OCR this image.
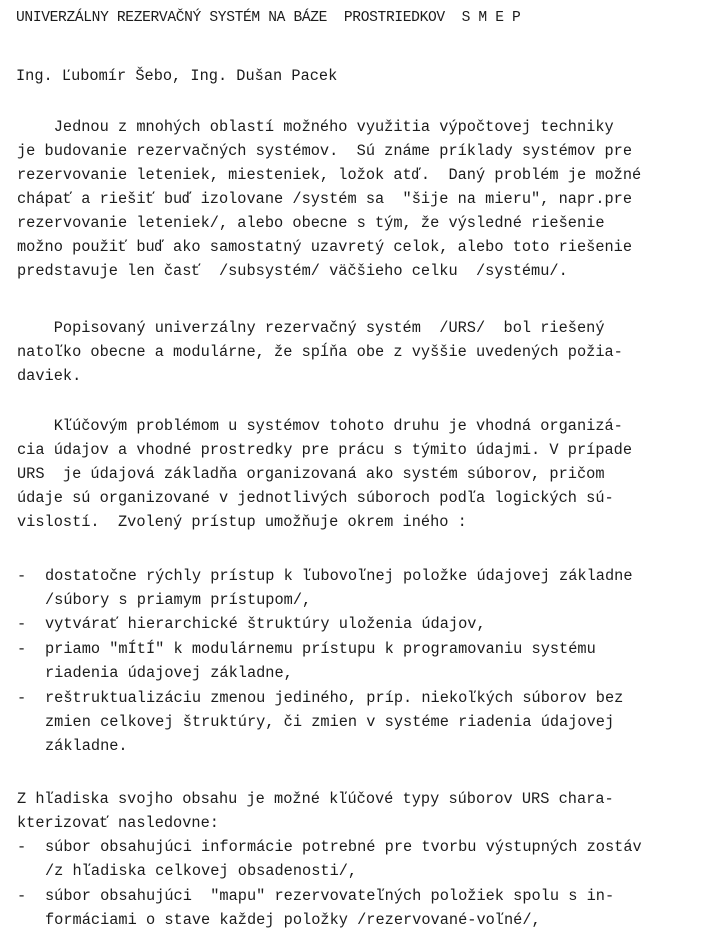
UNIVERZÁLNY REZERVAČNÝ SYSTÉM NA BÁZE  PROSTRIEDKOV  S M E P
Ing. Ľubomír Šebo, Ing. Dušan Pacek
Jednou z mnohých oblastí možného využitia výpočtovej techniky
je budovanie rezervačných systémov.  Sú známe príklady systémov pre
rezervovanie leteniek, miesteniek, ložok atď.  Daný problém je možné
chápať a riešiť buď izolovane /systém sa  "šije na mieru", napr.pre
rezervovanie leteniek/, alebo obecne s tým, že výsledné riešenie
možno použiť buď ako samostatný uzavretý celok, alebo toto riešenie
predstavuje len časť  /subsystém/ väčšieho celku  /systému/.
Popisovaný univerzálny rezervačný systém  /URS/  bol riešený
natoľko obecne a modulárne, že spĺňa obe z vyššie uvedených požia-
daviek.
Kľúčovým problémom u systémov tohoto druhu je vhodná organizá-
cia údajov a vhodné prostredky pre prácu s týmito údajmi. V prípade
URS  je údajová základňa organizovaná ako systém súborov, pričom
údaje sú organizované v jednotlivých súboroch podľa logických sú-
vislostí.  Zvolený prístup umožňuje okrem iného :
- dostatočne rýchly prístup k ľubovoľnej položke údajovej základne
/súbory s priamym prístupom/,
- vytvárať hierarchické štruktúry uloženia údajov,
- priamo "mÍtÍ" k modulárnemu prístupu k programovaniu systému
riadenia údajovej základne,
- reštruktualizáciu zmenou jediného, príp. niekoľkých súborov bez
zmien celkovej štruktúry, či zmien v systéme riadenia údajovej
základne.
Z hľadiska svojho obsahu je možné kľúčové typy súborov URS chara-
kterizovať nasledovne:
- súbor obsahujúci informácie potrebné pre tvorbu výstupných zostáv
/z hľadiska celkovej obsadenosti/,
- súbor obsahujúci  "mapu" rezervovateľných položiek spolu s in-
formáciami o stave každej položky /rezervované-voľné/,
